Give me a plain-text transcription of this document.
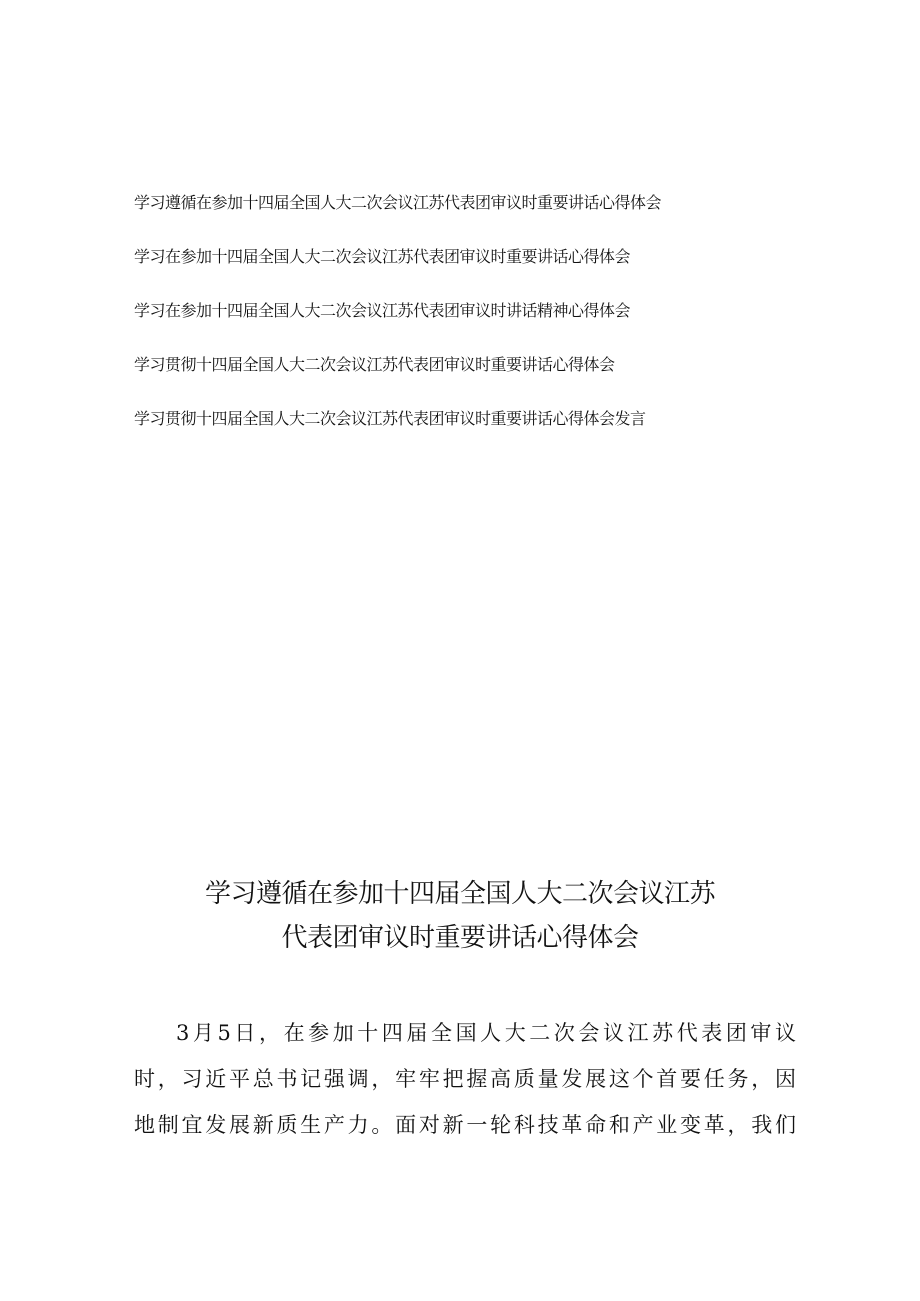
学习遵循在参加十四届全国人大二次会议江苏代表团审议时重要讲话心得体会
学习在参加十四届全国人大二次会议江苏代表团审议时重要讲话心得体会
学习在参加十四届全国人大二次会议江苏代表团审议时讲话精神心得体会
学习贯彻十四届全国人大二次会议江苏代表团审议时重要讲话心得体会
学习贯彻十四届全国人大二次会议江苏代表团审议时重要讲话心得体会发言
学习遵循在参加十四届全国人大二次会议江苏
代表团审议时重要讲话心得体会
3月5日，在参加十四届全国人大二次会议江苏代表团审议
时，习近平总书记强调，牢牢把握高质量发展这个首要任务，因
地制宜发展新质生产力。面对新一轮科技革命和产业变革，我们
